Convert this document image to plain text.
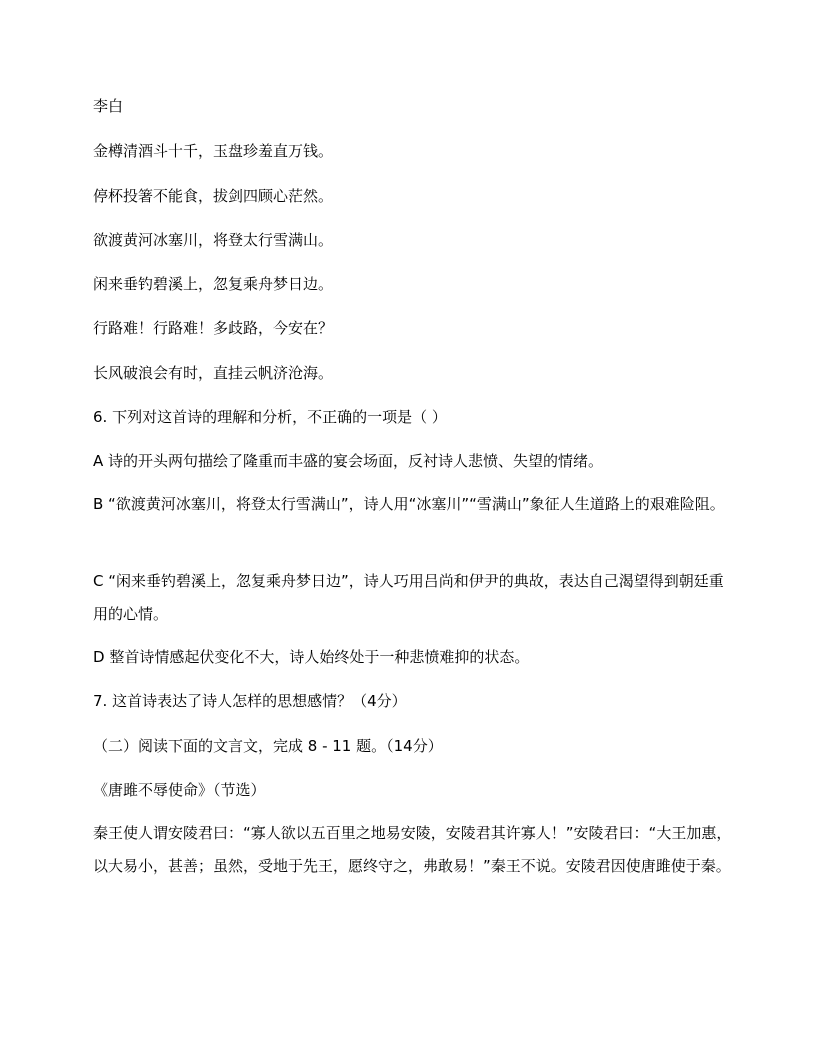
李白
金樽清酒斗十千，玉盘珍羞直万钱。
停杯投箸不能食，拔剑四顾心茫然。
欲渡黄河冰塞川，将登太行雪满山。
闲来垂钓碧溪上，忽复乘舟梦日边。
行路难！行路难！多歧路，今安在？
长风破浪会有时，直挂云帆济沧海。
6. 下列对这首诗的理解和分析，不正确的一项是（ ）
A 诗的开头两句描绘了隆重而丰盛的宴会场面，反衬诗人悲愤、失望的情绪。
B “欲渡黄河冰塞川，将登太行雪满山”，诗人用“冰塞川”“雪满山”象征人生道路上的艰难险阻。
C “闲来垂钓碧溪上，忽复乘舟梦日边”，诗人巧用吕尚和伊尹的典故，表达自己渴望得到朝廷重用的心情。
D 整首诗情感起伏变化不大，诗人始终处于一种悲愤难抑的状态。
7. 这首诗表达了诗人怎样的思想感情？（4分）
（二）阅读下面的文言文，完成 8 - 11 题。（14分）
《唐雎不辱使命》（节选）
秦王使人谓安陵君曰：“寡人欲以五百里之地易安陵，安陵君其许寡人！”安陵君曰：“大王加惠，以大易小，甚善；虽然，受地于先王，愿终守之，弗敢易！”秦王不说。安陵君因使唐雎使于秦。
